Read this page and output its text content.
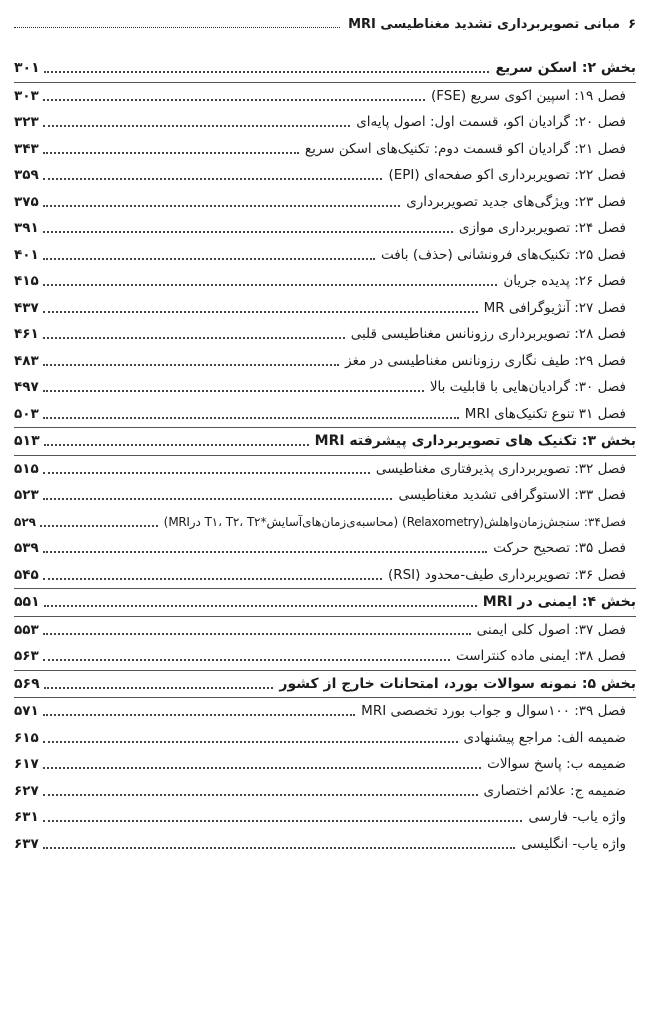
۶
مبانی تصویربرداری تشدید مغناطیسی MRI
بخش ۲: اسکن سریع
۳۰۱
فصل ۱۹: اسپین اکوی سریع (FSE)
۳۰۳
فصل ۲۰: گرادیان اکو، قسمت اول: اصول پایه‌ای
۳۲۳
فصل ۲۱: گرادیان اکو قسمت دوم: تکنیک‌های اسکن سریع
۳۴۳
فصل ۲۲: تصویربرداری اکو صفحه‌ای (EPI)
۳۵۹
فصل ۲۳: ویژگی‌های جدید تصویربرداری
۳۷۵
فصل ۲۴: تصویربرداری موازی
۳۹۱
فصل ۲۵: تکنیک‌های فرونشانی (حذف) بافت
۴۰۱
فصل ۲۶: پدیده جریان
۴۱۵
فصل ۲۷: آنژیوگرافی MR
۴۳۷
فصل ۲۸: تصویربرداری رزونانس مغناطیسی قلبی
۴۶۱
فصل ۲۹: طیف نگاری رزونانس مغناطیسی در مغز
۴۸۳
فصل ۳۰: گرادیان‌هایی با قابلیت بالا
۴۹۷
فصل ۳۱ تنوع تکنیک‌های MRI
۵۰۳
بخش ۳: تکنیک های تصویربرداری پیشرفته MRI
۵۱۳
فصل ۳۲: تصویربرداری پذیرفتاری مغناطیسی
۵۱۵
فصل ۳۳: الاستوگرافی تشدید مغناطیسی
۵۲۳
فصل۳۴: سنجش‌زمان‌واهلش(Relaxometry) (محاسبه‌ی‌زمان‌های‌آسایش*T۱، T۲، T۲ درMRI)
۵۲۹
فصل ۳۵: تصحیح حرکت
۵۳۹
فصل ۳۶: تصویربرداری طیف-محدود (RSI)
۵۴۵
بخش ۴: ایمنی در MRI
۵۵۱
فصل ۳۷: اصول کلی ایمنی
۵۵۳
فصل ۳۸: ایمنی ماده کنتراست
۵۶۳
بخش ۵: نمونه سوالات بورد، امتحانات خارج از کشور
۵۶۹
فصل ۳۹: ۱۰۰سوال و جواب بورد تخصصی MRI
۵۷۱
ضمیمه الف: مراجع پیشنهادی
۶۱۵
ضمیمه ب: پاسخ سوالات
۶۱۷
ضمیمه ج: علائم اختصاری
۶۲۷
واژه یاب- فارسی
۶۳۱
واژه یاب- انگلیسی
۶۳۷
